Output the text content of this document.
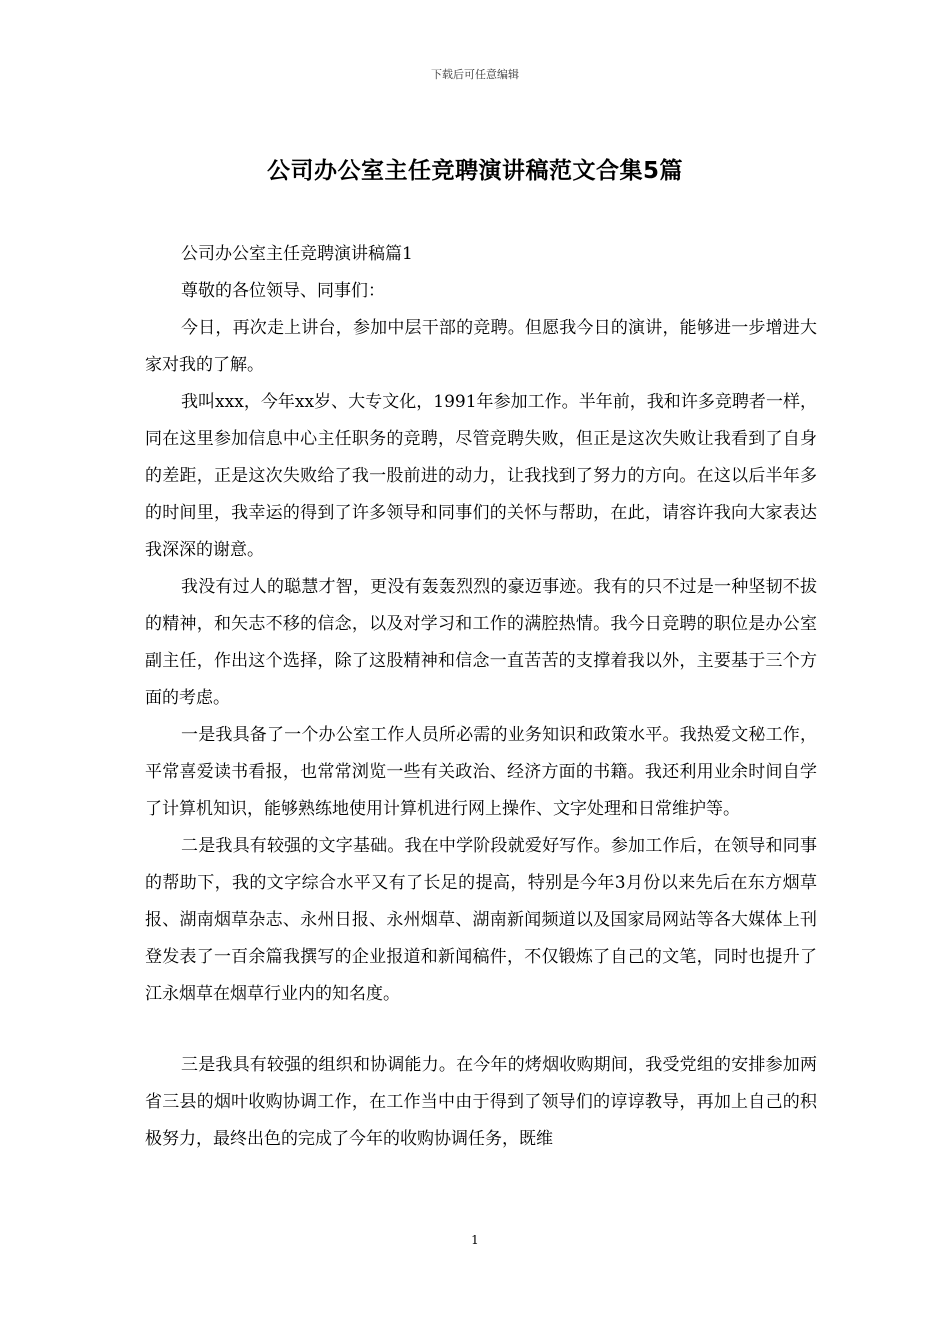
下载后可任意编辑
公司办公室主任竞聘演讲稿范文合集5篇

公司办公室主任竞聘演讲稿篇1

尊敬的各位领导、同事们：

今日，再次走上讲台，参加中层干部的竞聘。但愿我今日的演讲，能够进一步增进大家对我的了解。

我叫xxx，今年xx岁、大专文化，1991年参加工作。半年前，我和许多竞聘者一样，同在这里参加信息中心主任职务的竞聘，尽管竞聘失败，但正是这次失败让我看到了自身的差距，正是这次失败给了我一股前进的动力，让我找到了努力的方向。在这以后半年多的时间里，我幸运的得到了许多领导和同事们的关怀与帮助，在此，请容许我向大家表达我深深的谢意。

我没有过人的聪慧才智，更没有轰轰烈烈的豪迈事迹。我有的只不过是一种坚韧不拔的精神，和矢志不移的信念，以及对学习和工作的满腔热情。我今日竞聘的职位是办公室副主任，作出这个选择，除了这股精神和信念一直苦苦的支撑着我以外，主要基于三个方面的考虑。

一是我具备了一个办公室工作人员所必需的业务知识和政策水平。我热爱文秘工作，平常喜爱读书看报，也常常浏览一些有关政治、经济方面的书籍。我还利用业余时间自学了计算机知识，能够熟练地使用计算机进行网上操作、文字处理和日常维护等。

二是我具有较强的文字基础。我在中学阶段就爱好写作。参加工作后，在领导和同事的帮助下，我的文字综合水平又有了长足的提高，特别是今年3月份以来先后在东方烟草报、湖南烟草杂志、永州日报、永州烟草、湖南新闻频道以及国家局网站等各大媒体上刊登发表了一百余篇我撰写的企业报道和新闻稿件，不仅锻炼了自己的文笔，同时也提升了江永烟草在烟草行业内的知名度。

三是我具有较强的组织和协调能力。在今年的烤烟收购期间，我受党组的安排参加两省三县的烟叶收购协调工作，在工作当中由于得到了领导们的谆谆教导，再加上自己的积极努力，最终出色的完成了今年的收购协调任务，既维

1
